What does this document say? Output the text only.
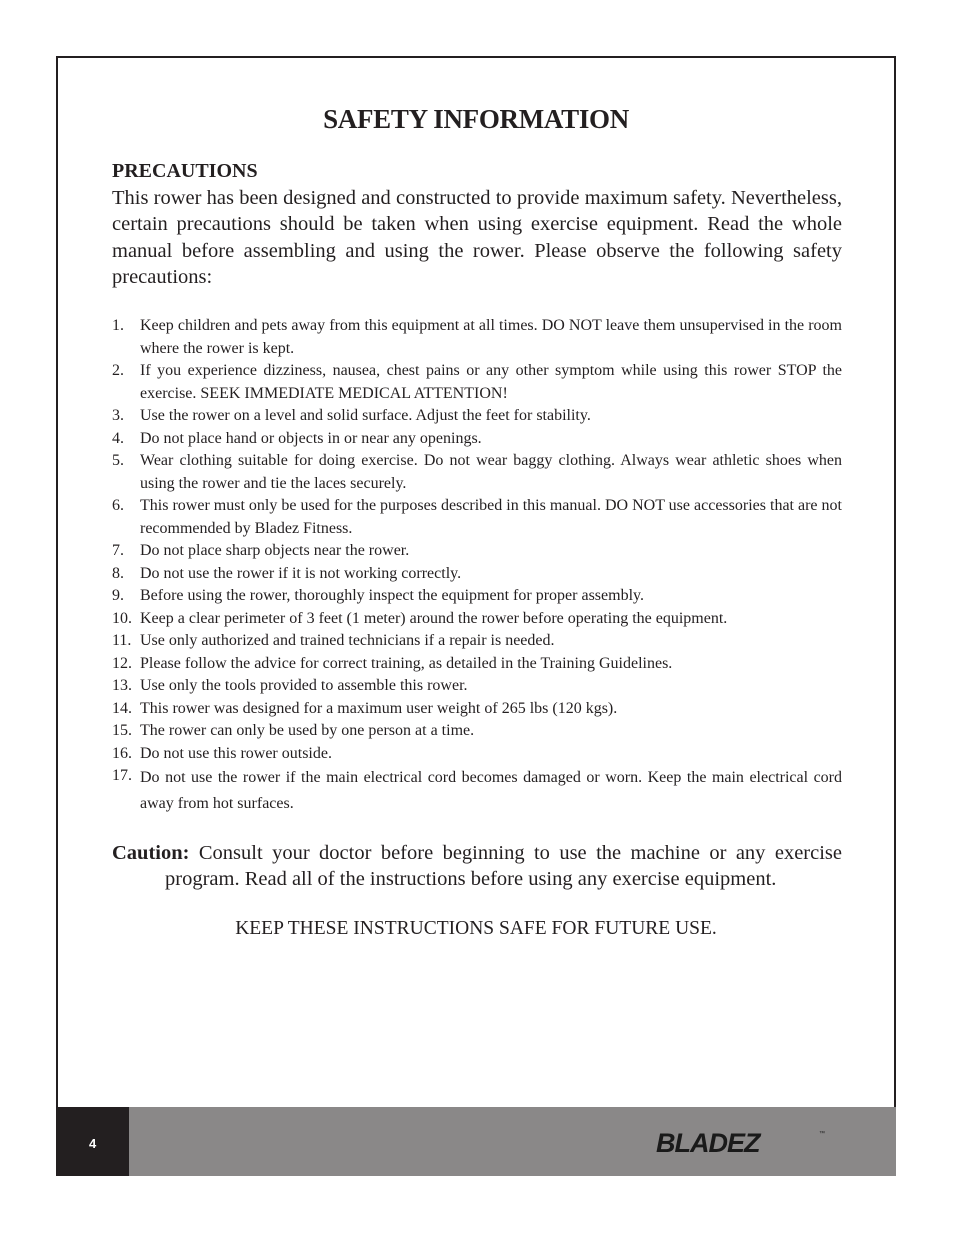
SAFETY INFORMATION
PRECAUTIONS

This rower has been designed and constructed to provide maximum safety. Nevertheless, certain precautions should be taken when using exercise equipment. Read the whole manual before assembling and using the rower. Please observe the following safety precautions:

1. Keep children and pets away from this equipment at all times. DO NOT leave them unsupervised in the room where the rower is kept.
2. If you experience dizziness, nausea, chest pains or any other symptom while using this rower STOP the exercise. SEEK IMMEDIATE MEDICAL ATTENTION!
3. Use the rower on a level and solid surface. Adjust the feet for stability.
4. Do not place hand or objects in or near any openings.
5. Wear clothing suitable for doing exercise. Do not wear baggy clothing. Always wear athletic shoes when using the rower and tie the laces securely.
6. This rower must only be used for the purposes described in this manual. DO NOT use accessories that are not recommended by Bladez Fitness.
7. Do not place sharp objects near the rower.
8. Do not use the rower if it is not working correctly.
9. Before using the rower, thoroughly inspect the equipment for proper assembly.
10. Keep a clear perimeter of 3 feet (1 meter) around the rower before operating the equipment.
11. Use only authorized and trained technicians if a repair is needed.
12. Please follow the advice for correct training, as detailed in the Training Guidelines.
13. Use only the tools provided to assemble this rower.
14. This rower was designed for a maximum user weight of 265 lbs (120 kgs).
15. The rower can only be used by one person at a time.
16. Do not use this rower outside.
17. Do not use the rower if the main electrical cord becomes damaged or worn. Keep the main electrical cord away from hot surfaces.

Caution: Consult your doctor before beginning to use the machine or any exercise program. Read all of the instructions before using any exercise equipment.

KEEP THESE INSTRUCTIONS SAFE FOR FUTURE USE.

4	BLADEZ	™
